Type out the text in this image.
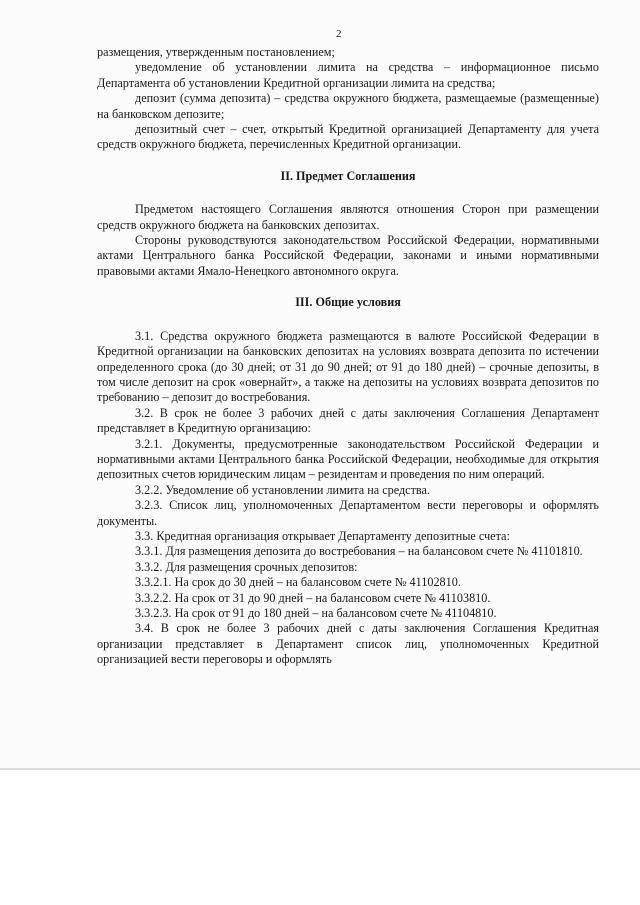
2

размещения, утвержденным постановлением;

уведомление об установлении лимита на средства – информационное письмо Департамента об установлении Кредитной организации лимита на средства;

депозит (сумма депозита) – средства окружного бюджета, размещаемые (размещенные) на банковском депозите;

депозитный счет – счет, открытый Кредитной организацией Департаменту для учета средств окружного бюджета, перечисленных Кредитной организации.

II. Предмет Соглашения

Предметом настоящего Соглашения являются отношения Сторон при размещении средств окружного бюджета на банковских депозитах.

Стороны руководствуются законодательством Российской Федерации, нормативными актами Центрального банка Российской Федерации, законами и иными нормативными правовыми актами Ямало-Ненецкого автономного округа.

III. Общие условия

3.1. Средства окружного бюджета размещаются в валюте Российской Федерации в Кредитной организации на банковских депозитах на условиях возврата депозита по истечении определенного срока (до 30 дней; от 31 до 90 дней; от 91 до 180 дней) – срочные депозиты, в том числе депозит на срок «овернайт», а также на депозиты на условиях возврата депозитов по требованию – депозит до востребования.

3.2. В срок не более 3 рабочих дней с даты заключения Соглашения Департамент представляет в Кредитную организацию:

3.2.1. Документы, предусмотренные законодательством Российской Федерации и нормативными актами Центрального банка Российской Федерации, необходимые для открытия депозитных счетов юридическим лицам – резидентам и проведения по ним операций.

3.2.2. Уведомление об установлении лимита на средства.

3.2.3. Список лиц, уполномоченных Департаментом вести переговоры и оформлять документы.

3.3. Кредитная организация открывает Департаменту депозитные счета:

3.3.1. Для размещения депозита до востребования – на балансовом счете № 41101810.

3.3.2. Для размещения срочных депозитов:

3.3.2.1. На срок до 30 дней – на балансовом счете № 41102810.

3.3.2.2. На срок от 31 до 90 дней – на балансовом счете № 41103810.

3.3.2.3. На срок от 91 до 180 дней – на балансовом счете № 41104810.

3.4. В срок не более 3 рабочих дней с даты заключения Соглашения Кредитная организации представляет в Департамент список лиц, уполномоченных Кредитной организацией вести переговоры и оформлять
